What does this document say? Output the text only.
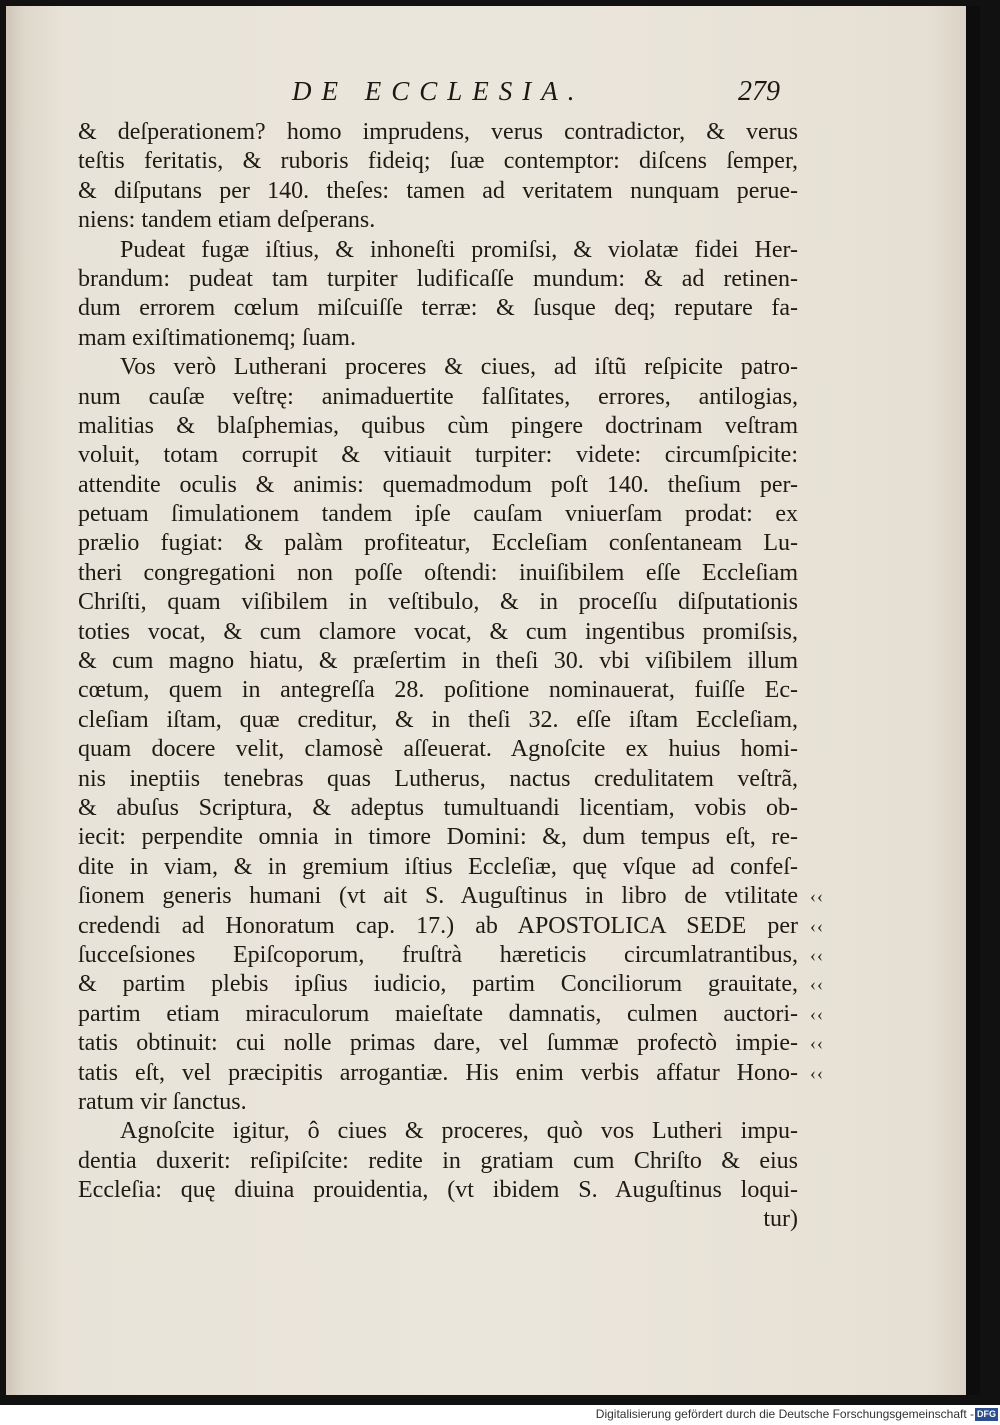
DE ECCLESIA.	279
& deſperationem? homo imprudens, verus contradictor, & verus
teſtis feritatis, & ruboris fideiq; ſuæ contemptor: diſcens ſemper,
& diſputans per 140. theſes: tamen ad veritatem nunquam perue-
niens: tandem etiam deſperans.
Pudeat fugæ iſtius, & inhoneſti promiſsi, & violatæ fidei Her-
brandum: pudeat tam turpiter ludificaſſe mundum: & ad retinen-
dum errorem cœlum miſcuiſſe terræ: & ſusque deq; reputare fa-
mam exiſtimationemq; ſuam.
Vos verò Lutherani proceres & ciues, ad iſtũ reſpicite patro-
num cauſæ veſtrę: animaduertite falſitates, errores, antilogias,
malitias & blaſphemias, quibus cùm pingere doctrinam veſtram
voluit, totam corrupit & vitiauit turpiter: videte: circumſpicite:
attendite oculis & animis: quemadmodum poſt 140. theſium per-
petuam ſimulationem tandem ipſe cauſam vniuerſam prodat: ex
prælio fugiat: & palàm profiteatur, Eccleſiam conſentaneam Lu-
theri congregationi non poſſe oſtendi: inuiſibilem eſſe Eccleſiam
Chriſti, quam viſibilem in veſtibulo, & in proceſſu diſputationis
toties vocat, & cum clamore vocat, & cum ingentibus promiſsis,
& cum magno hiatu, & præſertim in theſi 30. vbi viſibilem illum
cœtum, quem in antegreſſa 28. poſitione nominauerat, fuiſſe Ec-
cleſiam iſtam, quæ creditur, & in theſi 32. eſſe iſtam Eccleſiam,
quam docere velit, clamosè aſſeuerat. Agnoſcite ex huius homi-
nis ineptiis tenebras quas Lutherus, nactus credulitatem veſtrã,
& abuſus Scriptura, & adeptus tumultuandi licentiam, vobis ob-
iecit: perpendite omnia in timore Domini: &, dum tempus eſt, re-
dite in viam, & in gremium iſtius Eccleſiæ, quę vſque ad confeſ-
ſionem generis humani (vt ait S. Auguſtinus in libro de vtilitate ‹‹
credendi ad Honoratum cap. 17.) ab APOSTOLICA SEDE per ‹‹
ſucceſsiones Epiſcoporum, fruſtrà hæreticis circumlatrantibus, ‹‹
& partim plebis ipſius iudicio, partim Conciliorum grauitate, ‹‹
partim etiam miraculorum maieſtate damnatis, culmen auctori- ‹‹
tatis obtinuit: cui nolle primas dare, vel ſummæ profectò impie- ‹‹
tatis eſt, vel præcipitis arrogantiæ. His enim verbis affatur Hono- ‹‹
ratum vir ſanctus.
Agnoſcite igitur, ô ciues & proceres, quò vos Lutheri impu-
dentia duxerit: reſipiſcite: redite in gratiam cum Chriſto & eius
Eccleſia: quę diuina prouidentia, (vt ibidem S. Auguſtinus loqui-
tur)
Digitalisierung gefördert durch die Deutsche Forschungsgemeinschaft - DFG
